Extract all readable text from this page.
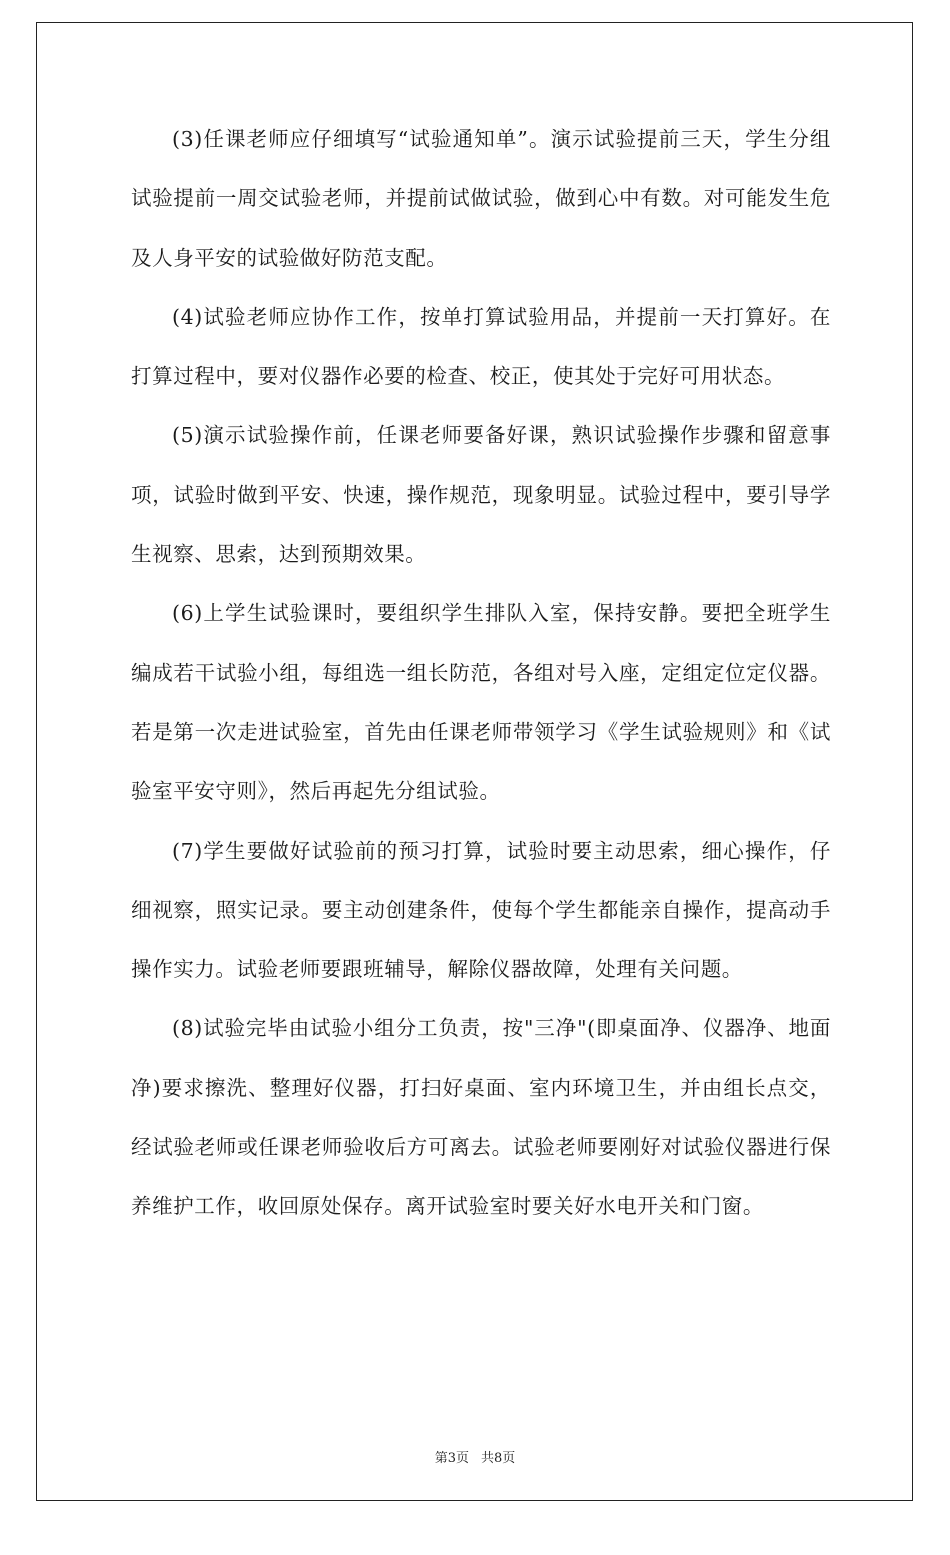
(3)任课老师应仔细填写“试验通知单”。演示试验提前三天，学生分组试验提前一周交试验老师，并提前试做试验，做到心中有数。对可能发生危及人身平安的试验做好防范支配。

(4)试验老师应协作工作，按单打算试验用品，并提前一天打算好。在打算过程中，要对仪器作必要的检查、校正，使其处于完好可用状态。

(5)演示试验操作前，任课老师要备好课，熟识试验操作步骤和留意事项，试验时做到平安、快速，操作规范，现象明显。试验过程中，要引导学生视察、思索，达到预期效果。

(6)上学生试验课时，要组织学生排队入室，保持安静。要把全班学生编成若干试验小组，每组选一组长防范，各组对号入座，定组定位定仪器。若是第一次走进试验室，首先由任课老师带领学习《学生试验规则》和《试验室平安守则》，然后再起先分组试验。

(7)学生要做好试验前的预习打算，试验时要主动思索，细心操作，仔细视察，照实记录。要主动创建条件，使每个学生都能亲自操作，提高动手操作实力。试验老师要跟班辅导，解除仪器故障，处理有关问题。

(8)试验完毕由试验小组分工负责，按"三净"(即桌面净、仪器净、地面净)要求擦洗、整理好仪器，打扫好桌面、室内环境卫生，并由组长点交，经试验老师或任课老师验收后方可离去。试验老师要刚好对试验仪器进行保养维护工作，收回原处保存。离开试验室时要关好水电开关和门窗。

第3页 共8页
